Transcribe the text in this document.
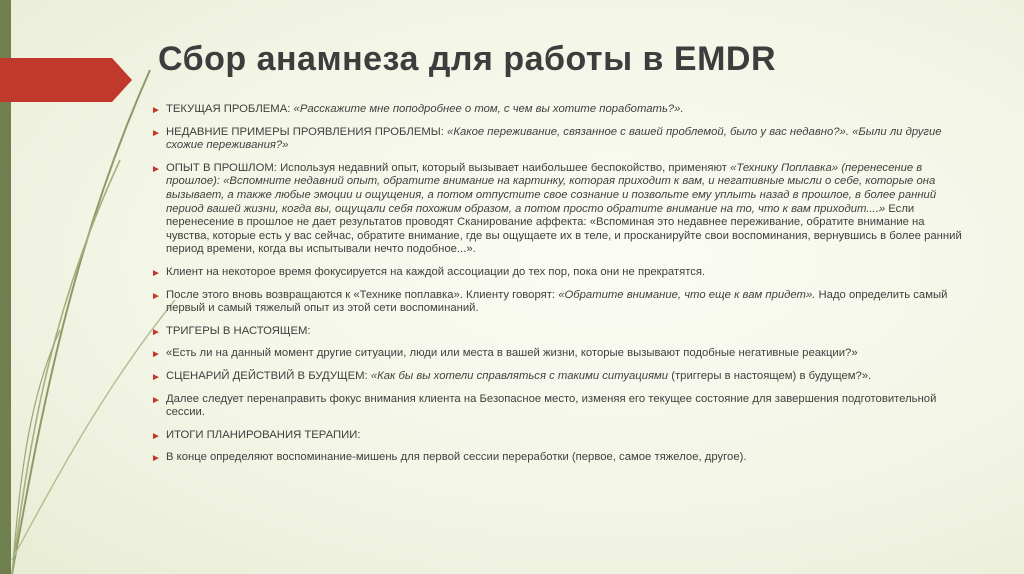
Сбор анамнеза для работы в EMDR
► ТЕКУЩАЯ ПРОБЛЕМА: «Расскажите мне поподробнее о том, с чем вы хотите поработать?».
► НЕДАВНИЕ ПРИМЕРЫ ПРОЯВЛЕНИЯ ПРОБЛЕМЫ: «Какое переживание, связанное с вашей проблемой, было у вас недавно?». «Были ли другие схожие переживания?»
► ОПЫТ В ПРОШЛОМ: Используя недавний опыт, который вызывает наибольшее беспокойство, применяют «Технику Поплавка» (перенесение в прошлое): «Вспомните недавний опыт, обратите внимание на картинку, которая приходит к вам, и негативные мысли о себе, которые она вызывает, а также любые эмоции и ощущения, а потом отпустите свое сознание и позвольте ему уплыть назад в прошлое, в более ранний период вашей жизни, когда вы, ощущали себя похожим образом, а потом просто обратите внимание на то, что к вам приходит....» Если перенесение в прошлое не дает результатов проводят Сканирование аффекта: «Вспоминая это недавнее переживание, обратите внимание на чувства, которые есть у вас сейчас, обратите внимание, где вы ощущаете их в теле, и просканируйте свои воспоминания, вернувшись в более ранний период времени, когда вы испытывали нечто подобное...».
► Клиент на некоторое время фокусируется на каждой ассоциации до тех пор, пока они не прекратятся.
► После этого вновь возвращаются к «Технике поплавка». Клиенту говорят: «Обратите внимание, что еще к вам придет». Надо определить самый первый и самый тяжелый опыт из этой сети воспоминаний.
► ТРИГЕРЫ В НАСТОЯЩЕМ:
► «Есть ли на данный момент другие ситуации, люди или места в вашей жизни, которые вызывают подобные негативные реакции?»
► СЦЕНАРИЙ ДЕЙСТВИЙ В БУДУЩЕМ: «Как бы вы хотели справляться с такими ситуациями (триггеры в настоящем) в будущем?».
► Далее следует перенаправить фокус внимания клиента на Безопасное место, изменяя его текущее состояние для завершения подготовительной сессии.
► ИТОГИ ПЛАНИРОВАНИЯ ТЕРАПИИ:
► В конце определяют воспоминание-мишень для первой сессии переработки (первое, самое тяжелое, другое).
